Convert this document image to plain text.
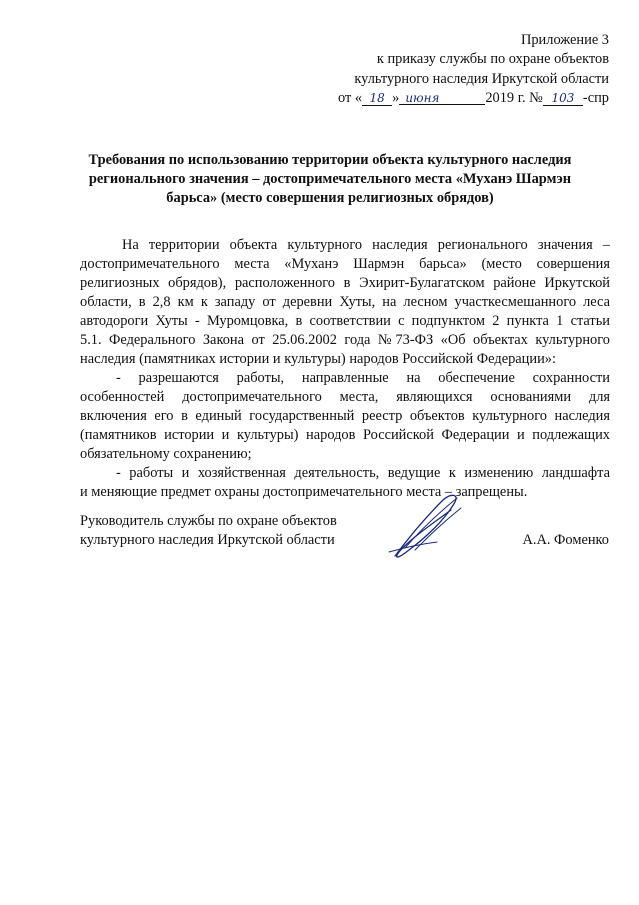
Приложение 3
к приказу службы по охране объектов
культурного наследия Иркутской области
от « 18 » июня	2019 г. № 103 -спр
Требования по использованию территории объекта культурного наследия
регионального значения – достопримечательного места «Муханэ Шармэн
барьса» (место совершения религиозных обрядов)
На территории объекта культурного наследия регионального значения –
достопримечательного места «Муханэ Шармэн барьса» (место совершения
религиозных обрядов), расположенного в Эхирит-Булагатском районе Иркутской
области, в 2,8 км к западу от деревни Хуты, на лесном участкесмешанного леса
автодороги Хуты - Муромцовка, в соответствии с подпунктом 2 пункта 1 статьи
5.1. Федерального Закона от 25.06.2002 года №73-ФЗ «Об объектах культурного
наследия (памятниках истории и культуры) народов Российской Федерации»:
- разрешаются работы, направленные на обеспечение сохранности
особенностей достопримечательного места, являющихся основаниями для
включения его в единый государственный реестр объектов культурного наследия
(памятников истории и культуры) народов Российской Федерации и подлежащих
обязательному сохранению;
- работы и хозяйственная деятельность, ведущие к изменению ландшафта
и меняющие предмет охраны достопримечательного места – запрещены.
Руководитель службы по охране объектов
культурного наследия Иркутской области	А.А. Фоменко
